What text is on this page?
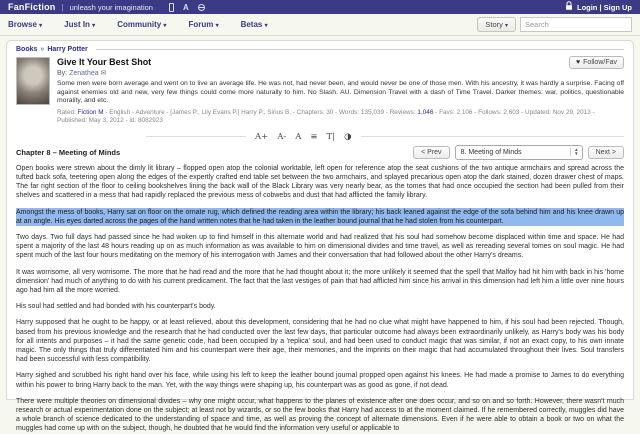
FanFiction | unleash your imagination	A	Login | Sign Up
Browse ▾	Just In ▾	Community ▾	Forum ▾	Betas ▾	Story ▾
Search
Books » Harry Potter
♥ Follow/Fav
Give It Your Best Shot
By: Zenathea ✉
Some men were born average and went on to live an average life. He was not, had never been, and would never be one of those men. With his ancestry, it was hardly a surprise. Facing off against enemies old and new, very few things could come more naturally to him. No Slash. AU. Dimension Travel with a dash of Time Travel. Darker themes: war, politics, questionable morality, and etc.
Rated: Fiction M - English - Adventure - [James P., Lily Evans P.] Harry P., Sirius B. - Chapters: 30 - Words: 135,039 - Reviews: 1,046 - Favs: 2,106 - Follows: 2,603 - Updated: Nov 29, 2013 - Published: May 3, 2012 - id: 8082923
A+ A- A ≡ T| ◑
< Prev	8. Meeting of Minds	▲
▼	Next >
Chapter 8 – Meeting of Minds

Open books were strewn about the dimly lit library – flopped open atop the colonial worktable, left open for reference atop the seat cushions of the two antique armchairs and spread across the tufted back sofa, teetering open along the edges of the expertly crafted end table set between the two armchairs, and splayed precarious open atop the dark stained, dozen drawer chest of maps. The far right section of the floor to ceiling bookshelves lining the back wall of the Black Library was very nearly bear, as the tomes that had once occupied the section had been pulled from their shelves and scattered in a mess that had rapidly replaced the previous mess of cobwebs and dust that had afflicted the family library.

Amongst the mess of books, Harry sat on floor on the ornate rug, which defined the reading area within the library; his back leaned against the edge of the sofa behind him and his knee drawn up at an angle. His eyes darted across the pages of the hand written notes that he had taken in the leather bound journal that he had stolen from his counterpart.

Two days. Two full days had passed since he had woken up to find himself in this alternate world and had realized that his soul had somehow become displaced within time and space. He had spent a majority of the last 48 hours reading up on as much information as was available to him on dimensional divides and time travel, as well as rereading several tomes on soul magic. He had spent much of the last four hours meditating on the memory of his interrogation with James and their conversation that had followed about the other Harry's dreams.

It was worrisome, all very worrisome. The more that he had read and the more that he had thought about it; the more unlikely it seemed that the spell that Malfoy had hit him with back in his 'home dimension' had much of anything to do with his current predicament. The fact that the last vestiges of pain that had afflicted him since his arrival in this dimension had left him a little over nine hours ago had him all the more worried.

His soul had settled and had bonded with his counterpart's body.

Harry supposed that he ought to be happy, or at least relieved, about this development, considering that he had no clue what might have happened to him, if his soul had been rejected. Though, based from his previous knowledge and the research that he had conducted over the last few days, that particular outcome had always been extraordinarily unlikely, as Harry's body was his body for all intents and purposes – it had the same genetic code, had been occupied by a 'replica' soul, and had been used to conduct magic that was similar, if not an exact copy, to his own innate magic. The only things that truly differentiated him and his counterpart were their age, their memories, and the imprints on their magic that had accumulated throughout their lives. Soul transfers had been successful with less compatibility.

Harry sighed and scrubbed his right hand over his face, while using his left to keep the leather bound journal propped open against his knees. He had made a promise to James to do everything within his power to bring Harry back to the man. Yet, with the way things were shaping up, his counterpart was as good as gone, if not dead.

There were multiple theories on dimensional divides – why one might occur, what happens to the planes of existence after one does occur, and so on and so forth. However, there wasn't much research or actual experimentation done on the subject; at least not by wizards, or so the few books that Harry had access to at the moment claimed. If he remembered correctly, muggles did have a whole branch of science dedicated to the understanding of space and time, as well as proving the concept of alternate dimensions. Even if he were able to obtain a book or two on what the muggles had come up with on the subject, though, he doubted that he would find the information very useful or applicable to
